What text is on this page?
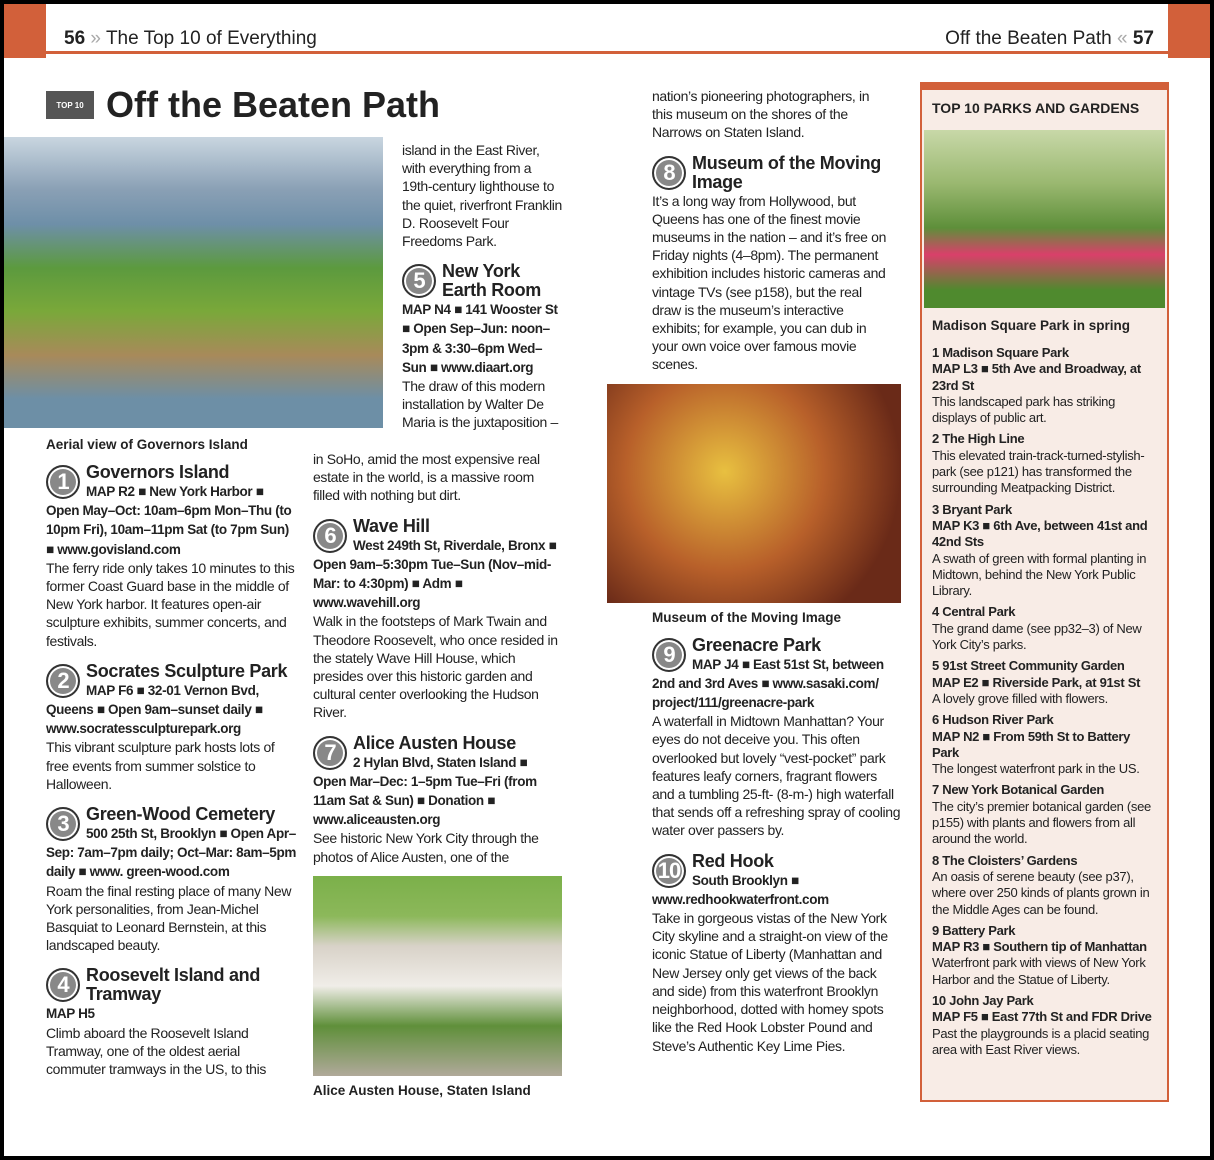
56 » The Top 10 of Everything	Off the Beaten Path « 57
TOP 10 Off the Beaten Path
Aerial view of Governors Island
1 Governors Island
MAP R2 ■ New York Harbor ■ Open May–Oct: 10am–6pm Mon–Thu (to 10pm Fri), 10am–11pm Sat (to 7pm Sun) ■ www.govisland.com
The ferry ride only takes 10 minutes to this former Coast Guard base in the middle of New York harbor. It features open-air sculpture exhibits, summer concerts, and festivals.
2 Socrates Sculpture Park
MAP F6 ■ 32-01 Vernon Bvd, Queens ■ Open 9am–sunset daily ■ www.socratessculpturepark.org
This vibrant sculpture park hosts lots of free events from summer solstice to Halloween.
3 Green-Wood Cemetery
500 25th St, Brooklyn ■ Open Apr–Sep: 7am–7pm daily; Oct–Mar: 8am–5pm daily ■ www. green-wood.com
Roam the final resting place of many New York personalities, from Jean-Michel Basquiat to Leonard Bernstein, at this landscaped beauty.
4 Roosevelt Island and Tramway
MAP H5
Climb aboard the Roosevelt Island Tramway, one of the oldest aerial commuter tramways in the US, to this
island in the East River, with everything from a 19th-century lighthouse to the quiet, riverfront Franklin D. Roosevelt Four Freedoms Park.
5 New York Earth Room
MAP N4 ■ 141 Wooster St ■ Open Sep–Jun: noon–3pm & 3:30–6pm Wed–Sun ■ www.diaart.org
The draw of this modern installation by Walter De Maria is the juxtaposition –
in SoHo, amid the most expensive real estate in the world, is a massive room filled with nothing but dirt.
6 Wave Hill
West 249th St, Riverdale, Bronx ■ Open 9am–5:30pm Tue–Sun (Nov–mid-Mar: to 4:30pm) ■ Adm ■ www.wavehill.org
Walk in the footsteps of Mark Twain and Theodore Roosevelt, who once resided in the stately Wave Hill House, which presides over this historic garden and cultural center overlooking the Hudson River.
7 Alice Austen House
2 Hylan Blvd, Staten Island ■ Open Mar–Dec: 1–5pm Tue–Fri (from 11am Sat & Sun) ■ Donation ■ www.aliceausten.org
See historic New York City through the photos of Alice Austen, one of the
Alice Austen House, Staten Island
nation’s pioneering photographers, in this museum on the shores of the Narrows on Staten Island.
8 Museum of the Moving Image
It’s a long way from Hollywood, but Queens has one of the finest movie museums in the nation – and it’s free on Friday nights (4–8pm). The permanent exhibition includes historic cameras and vintage TVs (see p158), but the real draw is the museum’s interactive exhibits; for example, you can dub in your own voice over famous movie scenes.
Museum of the Moving Image
9 Greenacre Park
MAP J4 ■ East 51st St, between 2nd and 3rd Aves ■ www.sasaki.com/ project/111/greenacre-park
A waterfall in Midtown Manhattan? Your eyes do not deceive you. This often overlooked but lovely “vest-pocket” park features leafy corners, fragrant flowers and a tumbling 25-ft- (8-m-) high waterfall that sends off a refreshing spray of cooling water over passers by.
10 Red Hook
South Brooklyn ■ www.redhookwaterfront.com
Take in gorgeous vistas of the New York City skyline and a straight-on view of the iconic Statue of Liberty (Manhattan and New Jersey only get views of the back and side) from this waterfront Brooklyn neighborhood, dotted with homey spots like the Red Hook Lobster Pound and Steve’s Authentic Key Lime Pies.
TOP 10 PARKS AND GARDENS
Madison Square Park in spring
1 Madison Square Park
MAP L3 ■ 5th Ave and Broadway, at 23rd St
This landscaped park has striking displays of public art.
2 The High Line
This elevated train-track-turned-stylish-park (see p121) has transformed the surrounding Meatpacking District.
3 Bryant Park
MAP K3 ■ 6th Ave, between 41st and 42nd Sts
A swath of green with formal planting in Midtown, behind the New York Public Library.
4 Central Park
The grand dame (see pp32–3) of New York City’s parks.
5 91st Street Community Garden
MAP E2 ■ Riverside Park, at 91st St
A lovely grove filled with flowers.
6 Hudson River Park
MAP N2 ■ From 59th St to Battery Park
The longest waterfront park in the US.
7 New York Botanical Garden
The city’s premier botanical garden (see p155) with plants and flowers from all around the world.
8 The Cloisters’ Gardens
An oasis of serene beauty (see p37), where over 250 kinds of plants grown in the Middle Ages can be found.
9 Battery Park
MAP R3 ■ Southern tip of Manhattan
Waterfront park with views of New York Harbor and the Statue of Liberty.
10 John Jay Park
MAP F5 ■ East 77th St and FDR Drive
Past the playgrounds is a placid seating area with East River views.
